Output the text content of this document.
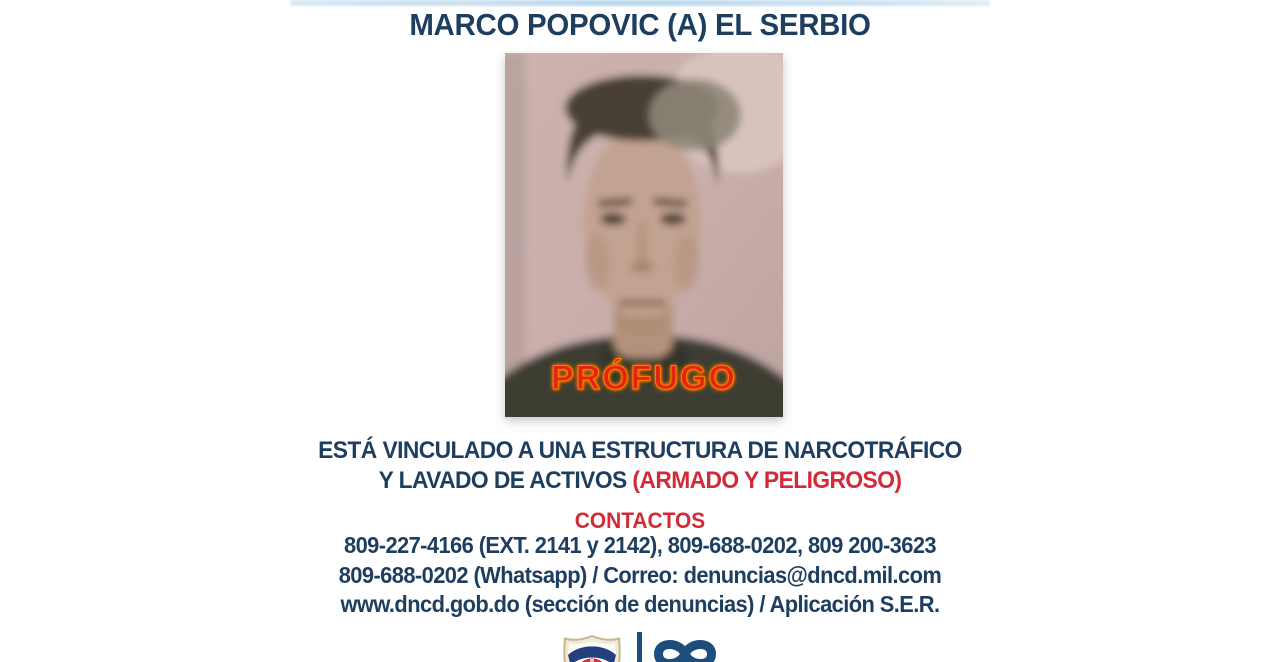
MARCO POPOVIC (A) EL SERBIO
PRÓFUGO
ESTÁ VINCULADO A UNA ESTRUCTURA DE NARCOTRÁFICO
Y LAVADO DE ACTIVOS (ARMADO Y PELIGROSO)
CONTACTOS
809-227-4166 (EXT. 2141 y 2142), 809-688-0202, 809 200-3623
809-688-0202 (Whatsapp) / Correo: denuncias@dncd.mil.com
www.dncd.gob.do (sección de denuncias) / Aplicación S.E.R.
